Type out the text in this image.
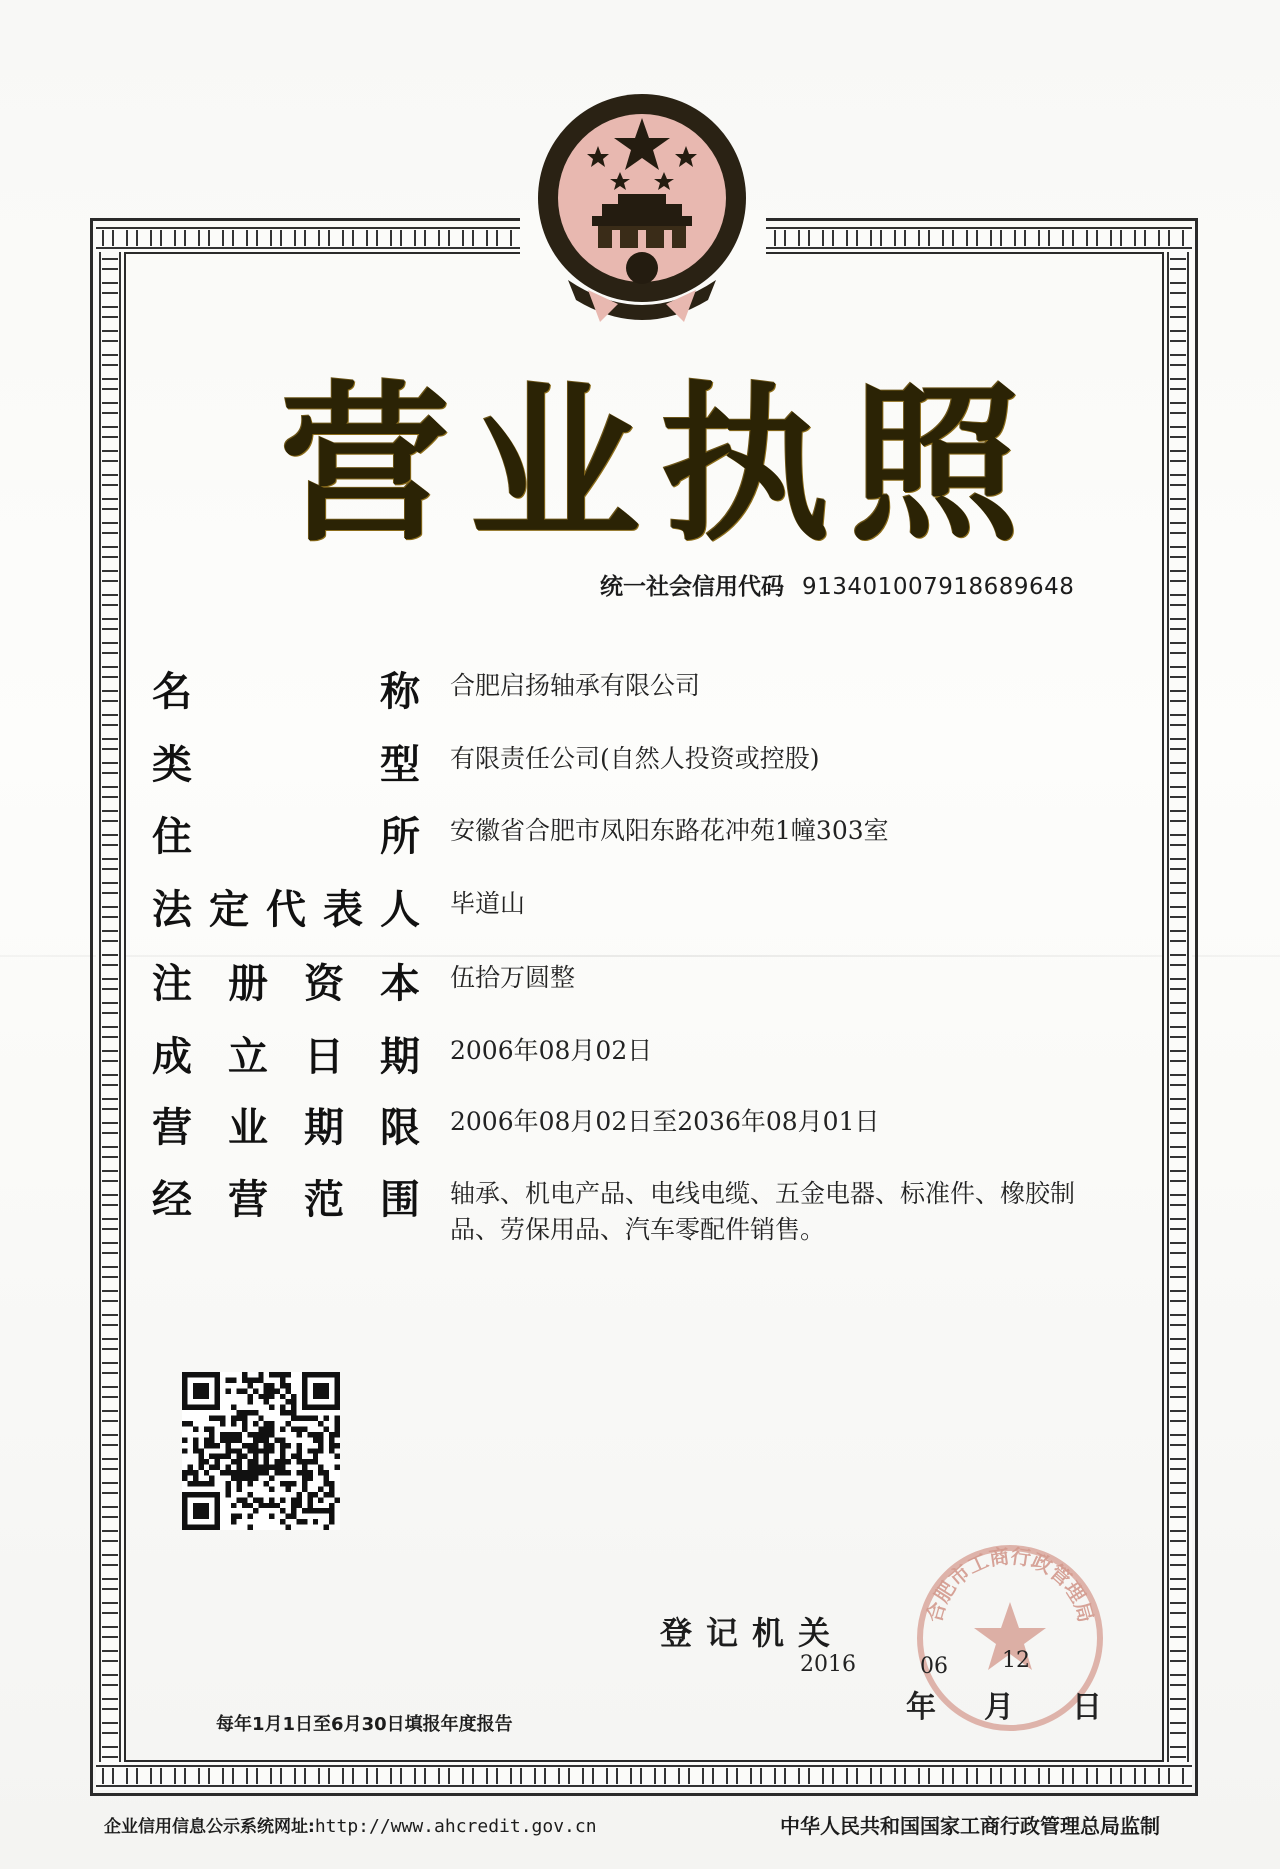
营 业 执 照
统一社会信用代码 913401007918689648
名	称 合肥启扬轴承有限公司
类	型 有限责任公司(自然人投资或控股)
住	所 安徽省合肥市凤阳东路花冲苑1幢303室
法 定 代 表 人 毕道山
注 册 资 本 伍拾万圆整
成 立 日 期 2006年08月02日
营 业 期 限 2006年08月02日至2036年08月01日
经 营 范 围 轴承、机电产品、电线电缆、五金电器、标准件、橡胶制品、劳保用品、汽车零配件销售。
登记机关
合肥市工商行政管理局
2016	06 12
年 月 日
每年1月1日至6月30日填报年度报告
企业信用信息公示系统网址:http://www.ahcredit.gov.cn	中华人民共和国国家工商行政管理总局监制
